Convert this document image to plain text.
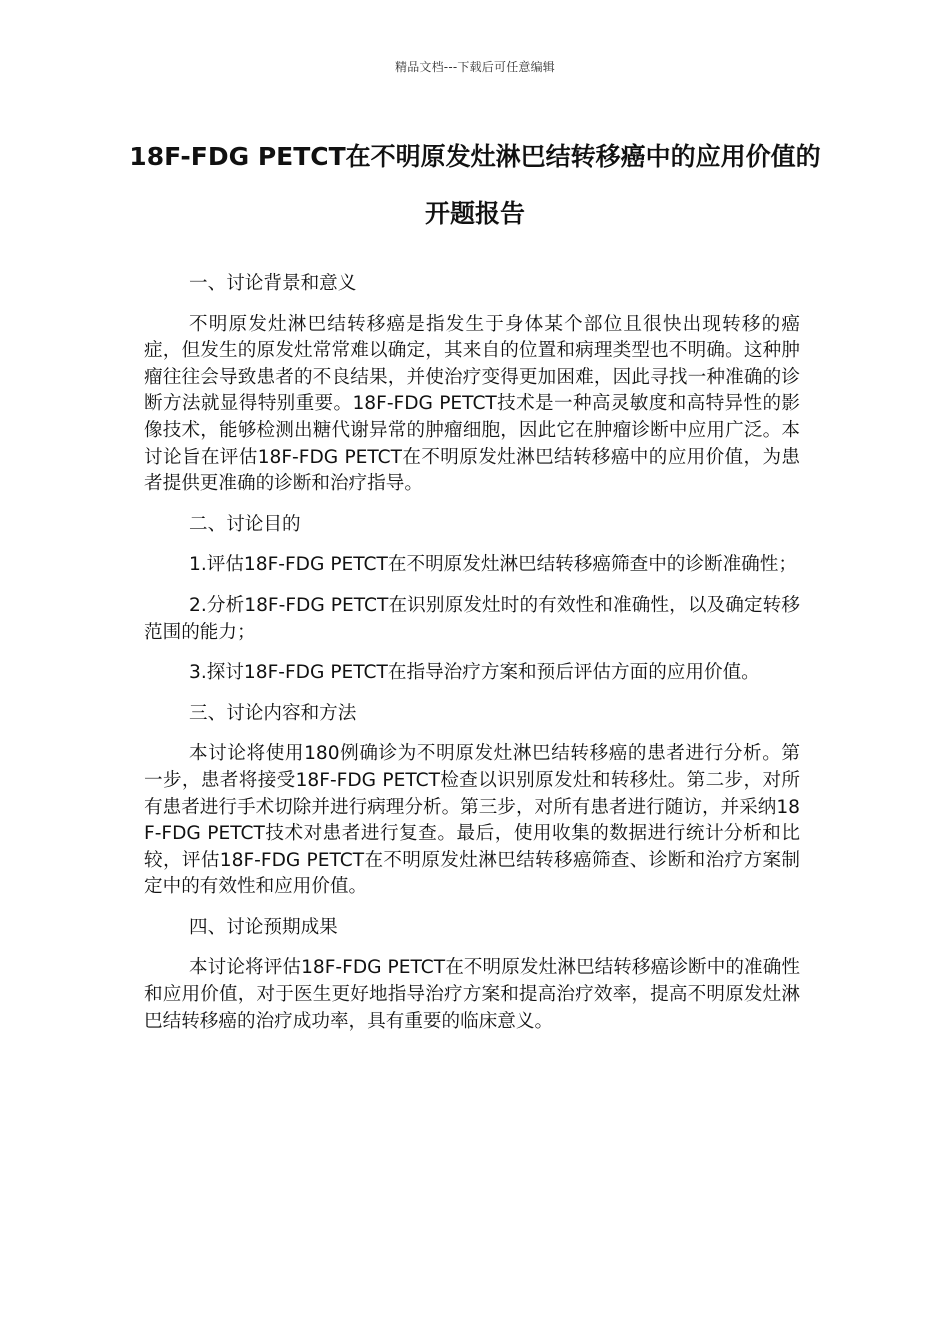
精品文档---下载后可任意编辑
18F-FDG PETCT在不明原发灶淋巴结转移癌中的应用价值的开题报告

一、讨论背景和意义

不明原发灶淋巴结转移癌是指发生于身体某个部位且很快出现转移的癌症，但发生的原发灶常常难以确定，其来自的位置和病理类型也不明确。这种肿瘤往往会导致患者的不良结果，并使治疗变得更加困难，因此寻找一种准确的诊断方法就显得特别重要。18F-FDG PETCT技术是一种高灵敏度和高特异性的影像技术，能够检测出糖代谢异常的肿瘤细胞，因此它在肿瘤诊断中应用广泛。本讨论旨在评估18F-FDG PETCT在不明原发灶淋巴结转移癌中的应用价值，为患者提供更准确的诊断和治疗指导。

二、讨论目的

1.评估18F-FDG PETCT在不明原发灶淋巴结转移癌筛查中的诊断准确性；

2.分析18F-FDG PETCT在识别原发灶时的有效性和准确性，以及确定转移范围的能力；

3.探讨18F-FDG PETCT在指导治疗方案和预后评估方面的应用价值。

三、讨论内容和方法

本讨论将使用180例确诊为不明原发灶淋巴结转移癌的患者进行分析。第一步，患者将接受18F-FDG PETCT检查以识别原发灶和转移灶。第二步，对所有患者进行手术切除并进行病理分析。第三步，对所有患者进行随访，并采纳18F-FDG PETCT技术对患者进行复查。最后，使用收集的数据进行统计分析和比较，评估18F-FDG PETCT在不明原发灶淋巴结转移癌筛查、诊断和治疗方案制定中的有效性和应用价值。

四、讨论预期成果

本讨论将评估18F-FDG PETCT在不明原发灶淋巴结转移癌诊断中的准确性和应用价值，对于医生更好地指导治疗方案和提高治疗效率，提高不明原发灶淋巴结转移癌的治疗成功率，具有重要的临床意义。
